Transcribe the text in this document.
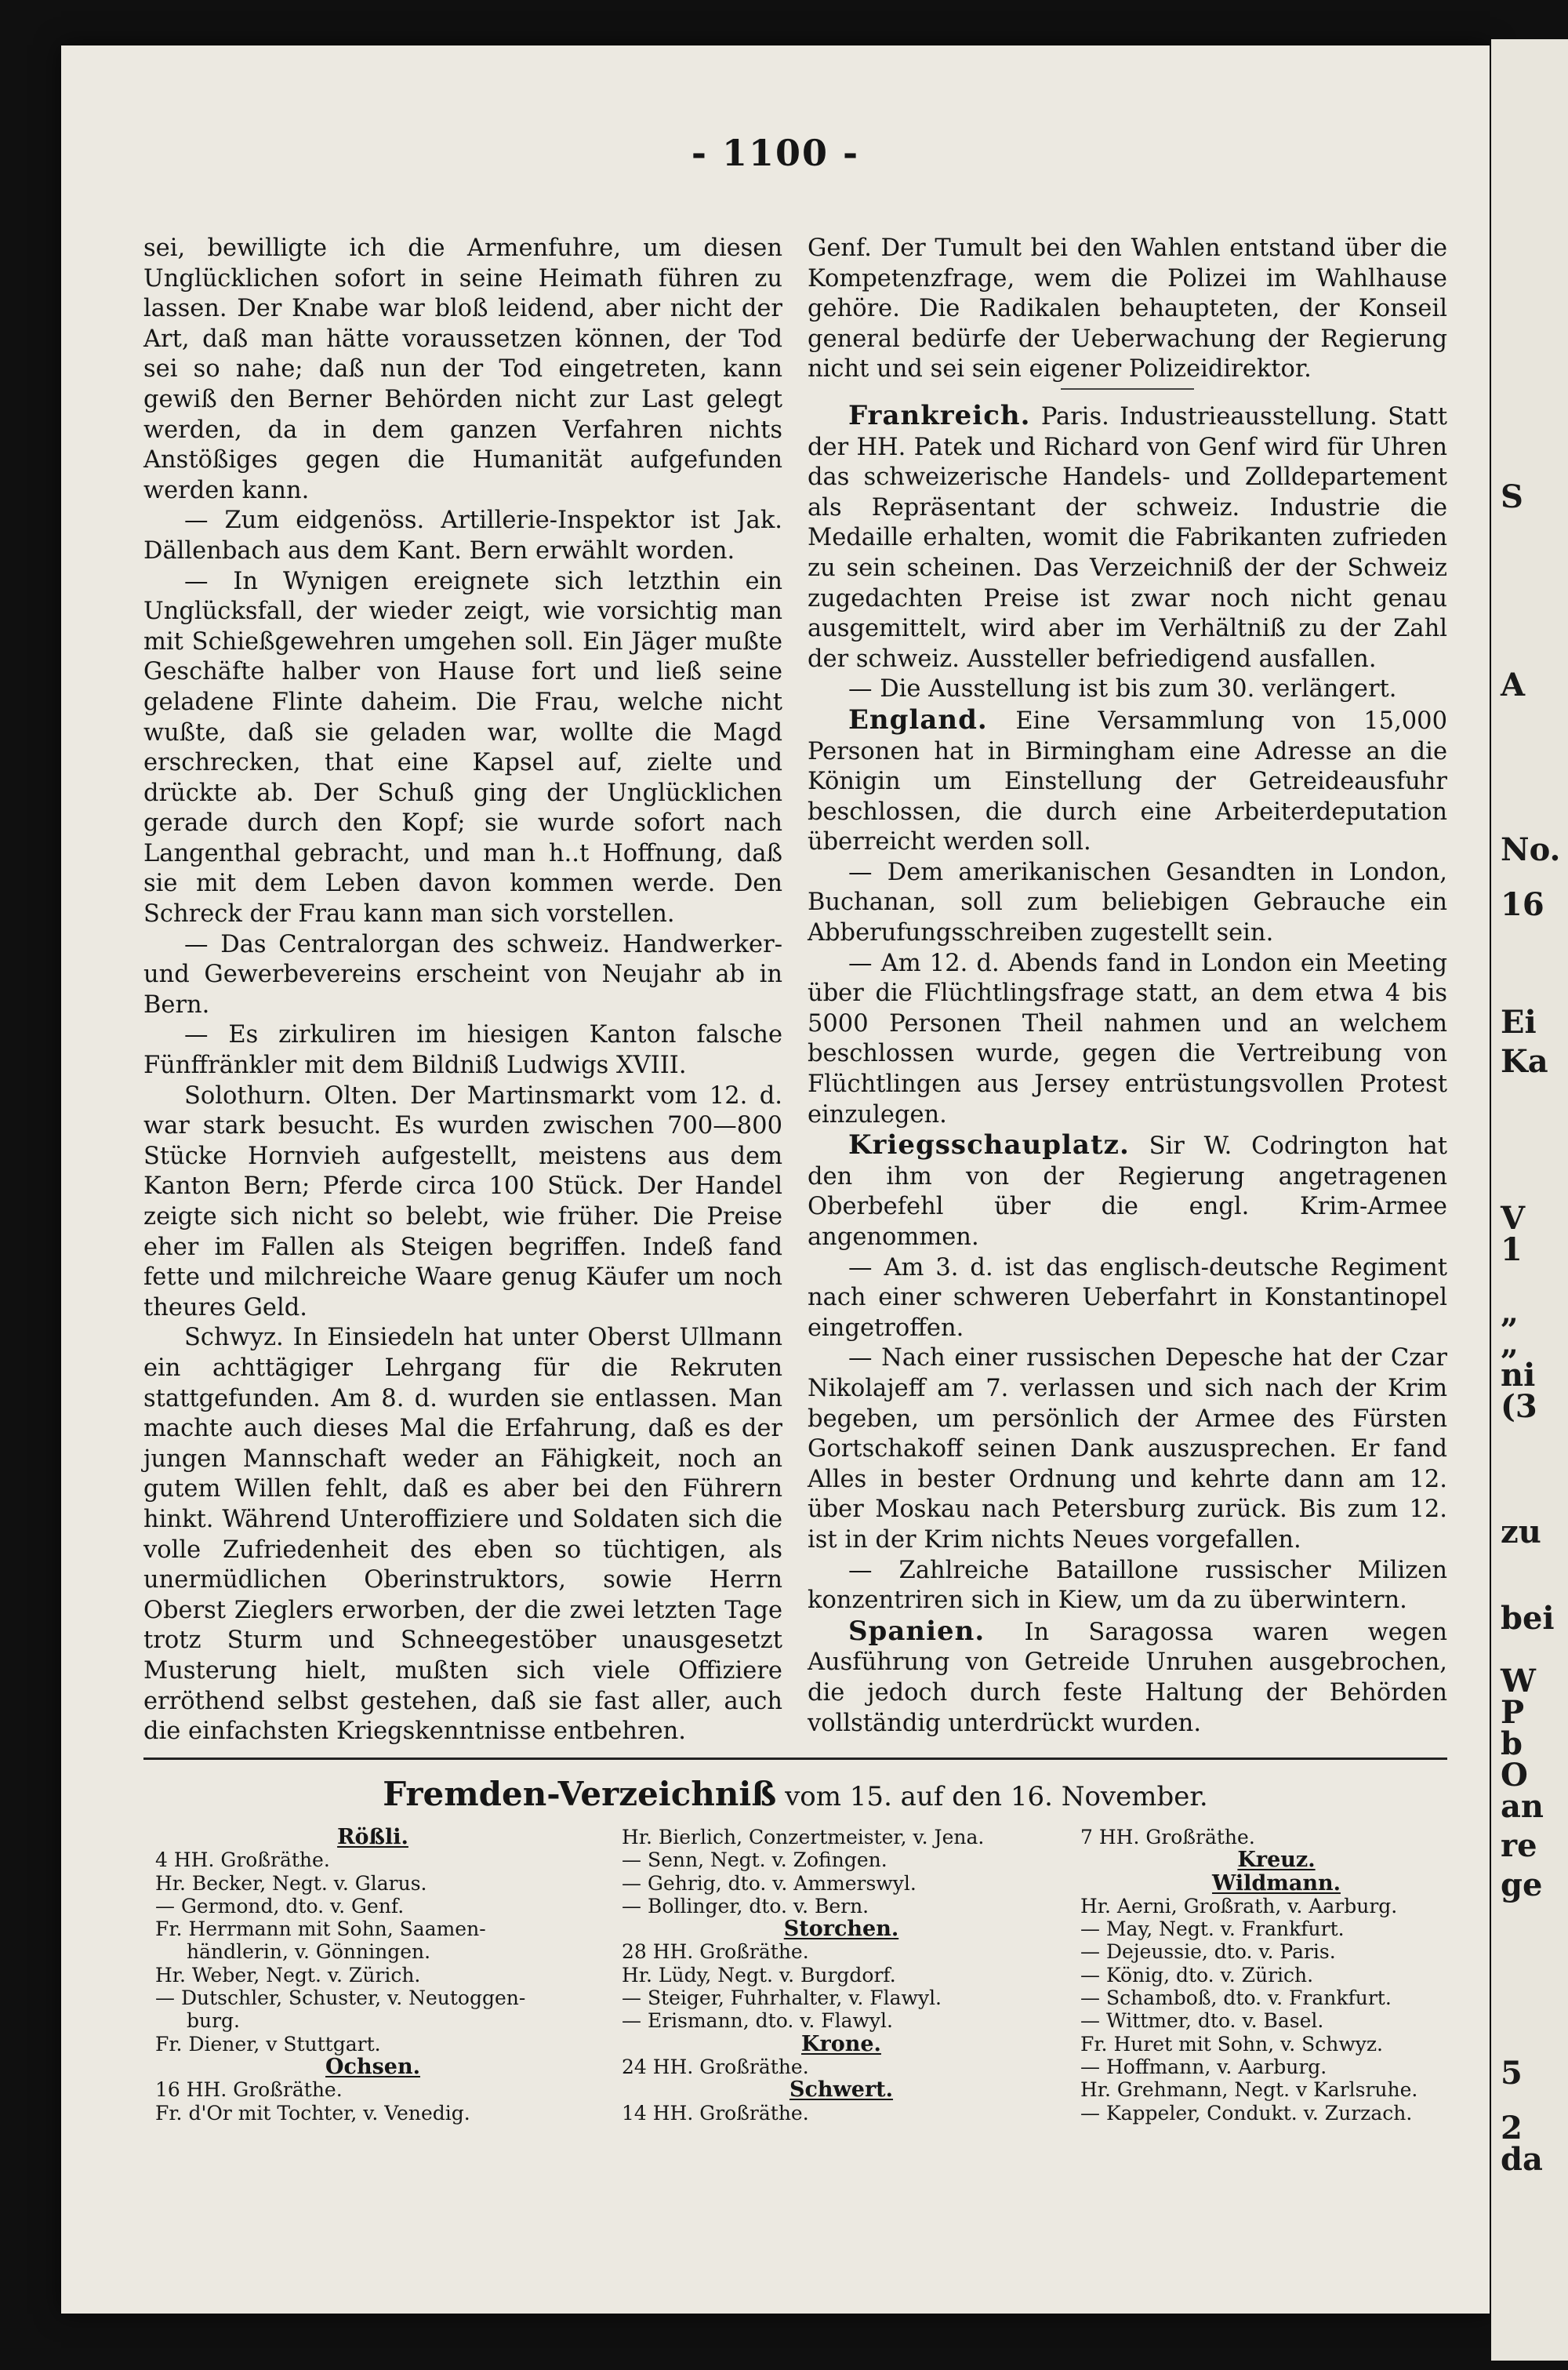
- 1100 -

sei, bewilligte ich die Armenfuhre, um diesen Unglücklichen sofort in seine Heimath führen zu lassen. Der Knabe war bloß leidend, aber nicht der Art, daß man hätte voraussetzen können, der Tod sei so nahe; daß nun der Tod eingetreten, kann gewiß den Berner Behörden nicht zur Last gelegt werden, da in dem ganzen Verfahren nichts Anstößiges gegen die Humanität aufgefunden werden kann.

— Zum eidgenöss. Artillerie-Inspektor ist Jak. Dällenbach aus dem Kant. Bern erwählt worden.

— In Wynigen ereignete sich letzthin ein Unglücksfall, der wieder zeigt, wie vorsichtig man mit Schießgewehren umgehen soll. Ein Jäger mußte Geschäfte halber von Hause fort und ließ seine geladene Flinte daheim. Die Frau, welche nicht wußte, daß sie geladen war, wollte die Magd erschrecken, that eine Kapsel auf, zielte und drückte ab. Der Schuß ging der Unglücklichen gerade durch den Kopf; sie wurde sofort nach Langenthal gebracht, und man h..t Hoffnung, daß sie mit dem Leben davon kommen werde. Den Schreck der Frau kann man sich vorstellen.

— Das Centralorgan des schweiz. Handwerker- und Gewerbevereins erscheint von Neujahr ab in Bern.

— Es zirkuliren im hiesigen Kanton falsche Fünffränkler mit dem Bildniß Ludwigs XVIII.

Solothurn. Olten. Der Martinsmarkt vom 12. d. war stark besucht. Es wurden zwischen 700—800 Stücke Hornvieh aufgestellt, meistens aus dem Kanton Bern; Pferde circa 100 Stück. Der Handel zeigte sich nicht so belebt, wie früher. Die Preise eher im Fallen als Steigen begriffen. Indeß fand fette und milchreiche Waare genug Käufer um noch theures Geld.

Schwyz. In Einsiedeln hat unter Oberst Ullmann ein achttägiger Lehrgang für die Rekruten stattgefunden. Am 8. d. wurden sie entlassen. Man machte auch dieses Mal die Erfahrung, daß es der jungen Mannschaft weder an Fähigkeit, noch an gutem Willen fehlt, daß es aber bei den Führern hinkt. Während Unteroffiziere und Soldaten sich die volle Zufriedenheit des eben so tüchtigen, als unermüdlichen Oberinstruktors, sowie Herrn Oberst Zieglers erworben, der die zwei letzten Tage trotz Sturm und Schneegestöber unausgesetzt Musterung hielt, mußten sich viele Offiziere erröthend selbst gestehen, daß sie fast aller, auch die einfachsten Kriegskenntnisse entbehren.

Genf. Der Tumult bei den Wahlen entstand über die Kompetenzfrage, wem die Polizei im Wahlhause gehöre. Die Radikalen behaupteten, der Konseil general bedürfe der Ueberwachung der Regierung nicht und sei sein eigener Polizeidirektor.

Frankreich. Paris. Industrieausstellung. Statt der HH. Patek und Richard von Genf wird für Uhren das schweizerische Handels- und Zolldepartement als Repräsentant der schweiz. Industrie die Medaille erhalten, womit die Fabrikanten zufrieden zu sein scheinen. Das Verzeichniß der der Schweiz zugedachten Preise ist zwar noch nicht genau ausgemittelt, wird aber im Verhältniß zu der Zahl der schweiz. Aussteller befriedigend ausfallen.

— Die Ausstellung ist bis zum 30. verlängert.

England. Eine Versammlung von 15,000 Personen hat in Birmingham eine Adresse an die Königin um Einstellung der Getreideausfuhr beschlossen, die durch eine Arbeiterdeputation überreicht werden soll.

— Dem amerikanischen Gesandten in London, Buchanan, soll zum beliebigen Gebrauche ein Abberufungsschreiben zugestellt sein.

— Am 12. d. Abends fand in London ein Meeting über die Flüchtlingsfrage statt, an dem etwa 4 bis 5000 Personen Theil nahmen und an welchem beschlossen wurde, gegen die Vertreibung von Flüchtlingen aus Jersey entrüstungsvollen Protest einzulegen.

Kriegsschauplatz. Sir W. Codrington hat den ihm von der Regierung angetragenen Oberbefehl über die engl. Krim-Armee angenommen.

— Am 3. d. ist das englisch-deutsche Regiment nach einer schweren Ueberfahrt in Konstantinopel eingetroffen.

— Nach einer russischen Depesche hat der Czar Nikolajeff am 7. verlassen und sich nach der Krim begeben, um persönlich der Armee des Fürsten Gortschakoff seinen Dank auszusprechen. Er fand Alles in bester Ordnung und kehrte dann am 12. über Moskau nach Petersburg zurück. Bis zum 12. ist in der Krim nichts Neues vorgefallen.

— Zahlreiche Bataillone russischer Milizen konzentriren sich in Kiew, um da zu überwintern.

Spanien. In Saragossa waren wegen Ausführung von Getreide Unruhen ausgebrochen, die jedoch durch feste Haltung der Behörden vollständig unterdrückt wurden.

Fremden-Verzeichniß vom 15. auf den 16. November.
Rößli.
4 HH. Großräthe.
Hr. Becker, Negt. v. Glarus.
— Germond, dto. v. Genf.
Fr. Herrmann mit Sohn, Saamen-
händlerin, v. Gönningen.
Hr. Weber, Negt. v. Zürich.
— Dutschler, Schuster, v. Neutoggen-
burg.
Fr. Diener, v Stuttgart.
Ochsen.
16 HH. Großräthe.
Fr. d'Or mit Tochter, v. Venedig.
Hr. Bierlich, Conzertmeister, v. Jena.
— Senn, Negt. v. Zofingen.
— Gehrig, dto. v. Ammerswyl.
— Bollinger, dto. v. Bern.
Storchen.
28 HH. Großräthe.
Hr. Lüdy, Negt. v. Burgdorf.
— Steiger, Fuhrhalter, v. Flawyl.
— Erismann, dto. v. Flawyl.
Krone.
24 HH. Großräthe.
Schwert.
14 HH. Großräthe.
7 HH. Großräthe.
Kreuz.
Wildmann.
Hr. Aerni, Großrath, v. Aarburg.
— May, Negt. v. Frankfurt.
— Dejeussie, dto. v. Paris.
— König, dto. v. Zürich.
— Schamboß, dto. v. Frankfurt.
— Wittmer, dto. v. Basel.
Fr. Huret mit Sohn, v. Schwyz.
— Hoffmann, v. Aarburg.
Hr. Grehmann, Negt. v Karlsruhe.
— Kappeler, Condukt. v. Zurzach.
S
A
No.
16
Ei
Ka
V
1
„
„
ni
(3
zu
bei
W
P
b
O
an
re
ge
5
2
da
